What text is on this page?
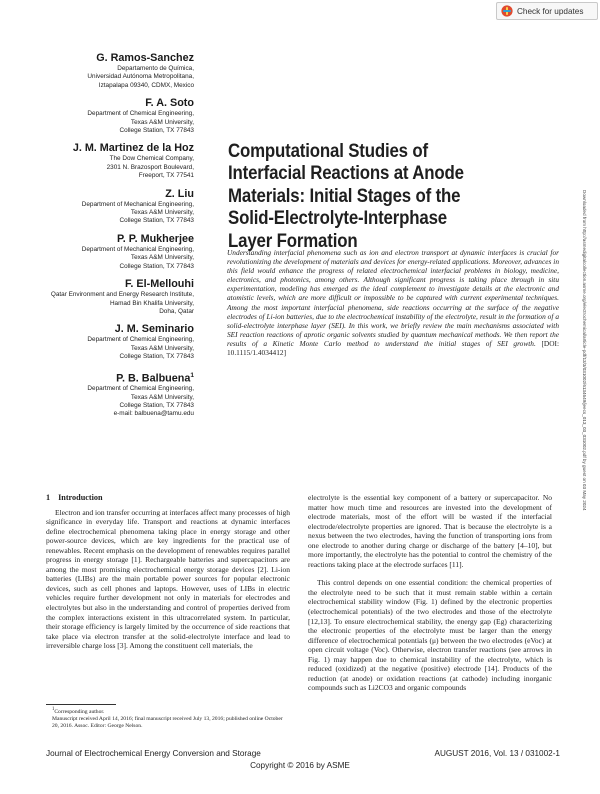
Check for updates
G. Ramos-Sanchez
Departamento de Química,
Universidad Autónoma Metropolitana,
Iztapalapa 09340, CDMX, Mexico
F. A. Soto
Department of Chemical Engineering,
Texas A&M University,
College Station, TX 77843
J. M. Martinez de la Hoz
The Dow Chemical Company,
2301 N. Brazosport Boulevard,
Freeport, TX 77541
Z. Liu
Department of Mechanical Engineering,
Texas A&M University,
College Station, TX 77843
P. P. Mukherjee
Department of Mechanical Engineering,
Texas A&M University,
College Station, TX 77843
F. El-Mellouhi
Qatar Environment and Energy Research Institute,
Hamad Bin Khalifa University,
Doha, Qatar
J. M. Seminario
Department of Chemical Engineering,
Texas A&M University,
College Station, TX 77843
P. B. Balbuena$^1$
Department of Chemical Engineering,
Texas A&M University,
College Station, TX 77843
e-mail: balbuena@tamu.edu
Computational Studies of
Interfacial Reactions at Anode
Materials: Initial Stages of the
Solid-Electrolyte-Interphase
Layer Formation
Understanding interfacial phenomena such as ion and electron transport at dynamic interfaces is crucial for revolutionizing the development of materials and devices for energy-related applications. Moreover, advances in this field would enhance the progress of related electrochemical interfacial problems in biology, medicine, electronics, and photonics, among others. Although significant progress is taking place through in situ experimentation, modeling has emerged as the ideal complement to investigate details at the electronic and atomistic levels, which are more difficult or impossible to be captured with current experimental techniques. Among the most important interfacial phenomena, side reactions occurring at the surface of the negative electrodes of Li-ion batteries, due to the electrochemical instability of the electrolyte, result in the formation of a solid-electrolyte interphase layer (SEI). In this work, we briefly review the main mechanisms associated with SEI reaction reactions of aprotic organic solvents studied by quantum mechanical methods. We then report the results of a Kinetic Monte Carlo method to understand the initial stages of SEI growth. [DOI: 10.1115/1.4034412]	Downloaded from http://asmedigitalcollection.asme.org/electrochemical/article-pdf/13/3/031002/6134649/jeecs_013_03_031002.pdf by guest on 03 May 2024
1 Introduction

Electron and ion transfer occurring at interfaces affect many processes of high significance in everyday life. Transport and reactions at dynamic interfaces define electrochemical phenomena taking place in energy storage and other power-source devices, which are key ingredients for the practical use of renewables. Recent emphasis on the development of renewables requires parallel progress in energy storage [1]. Rechargeable batteries and supercapacitors are among the most promising electrochemical energy storage devices [2]. Li-ion batteries (LIBs) are the main portable power sources for popular electronic devices, such as cell phones and laptops. However, uses of LIBs in electric vehicles require further development not only in materials for electrodes and electrolytes but also in the understanding and control of properties derived from the complex interactions existent in this ultracorrelated system. In particular, their storage efficiency is largely limited by the occurrence of side reactions that take place via electron transfer at the solid-electrolyte interface and lead to irreversible charge loss [3]. Among the constituent cell materials, the

electrolyte is the essential key component of a battery or supercapacitor. No matter how much time and resources are invested into the development of electrode materials, most of the effort will be wasted if the interfacial electrode/electrolyte properties are ignored. That is because the electrolyte is a nexus between the two electrodes, having the function of transporting ions from one electrode to another during charge or discharge of the battery [4–10], but more importantly, the electrolyte has the potential to control the chemistry of the reactions taking place at the electrode surfaces [11].

This control depends on one essential condition: the chemical properties of the electrolyte need to be such that it must remain stable within a certain electrochemical stability window (Fig. 1) defined by the electronic properties (electrochemical potentials) of the two electrodes and those of the electrolyte [12,13]. To ensure electrochemical stability, the energy gap (Eg) characterizing the electronic properties of the electrolyte must be larger than the energy difference of electrochemical potentials (μ) between the two electrodes (eVoc) at open circuit voltage (Voc). Otherwise, electron transfer reactions (see arrows in Fig. 1) may happen due to chemical instability of the electrolyte, which is reduced (oxidized) at the negative (positive) electrode [14]. Products of the reduction (at anode) or oxidation reactions (at cathode) including inorganic compounds such as Li2CO3 and organic compounds

$^1$Corresponding author.
Manuscript received April 14, 2016; final manuscript received July 13, 2016; published online October 20, 2016. Assoc. Editor: George Nelson.
Journal of Electrochemical Energy Conversion and Storage	AUGUST 2016, Vol. 13 / 031002-1
Copyright © 2016 by ASME
